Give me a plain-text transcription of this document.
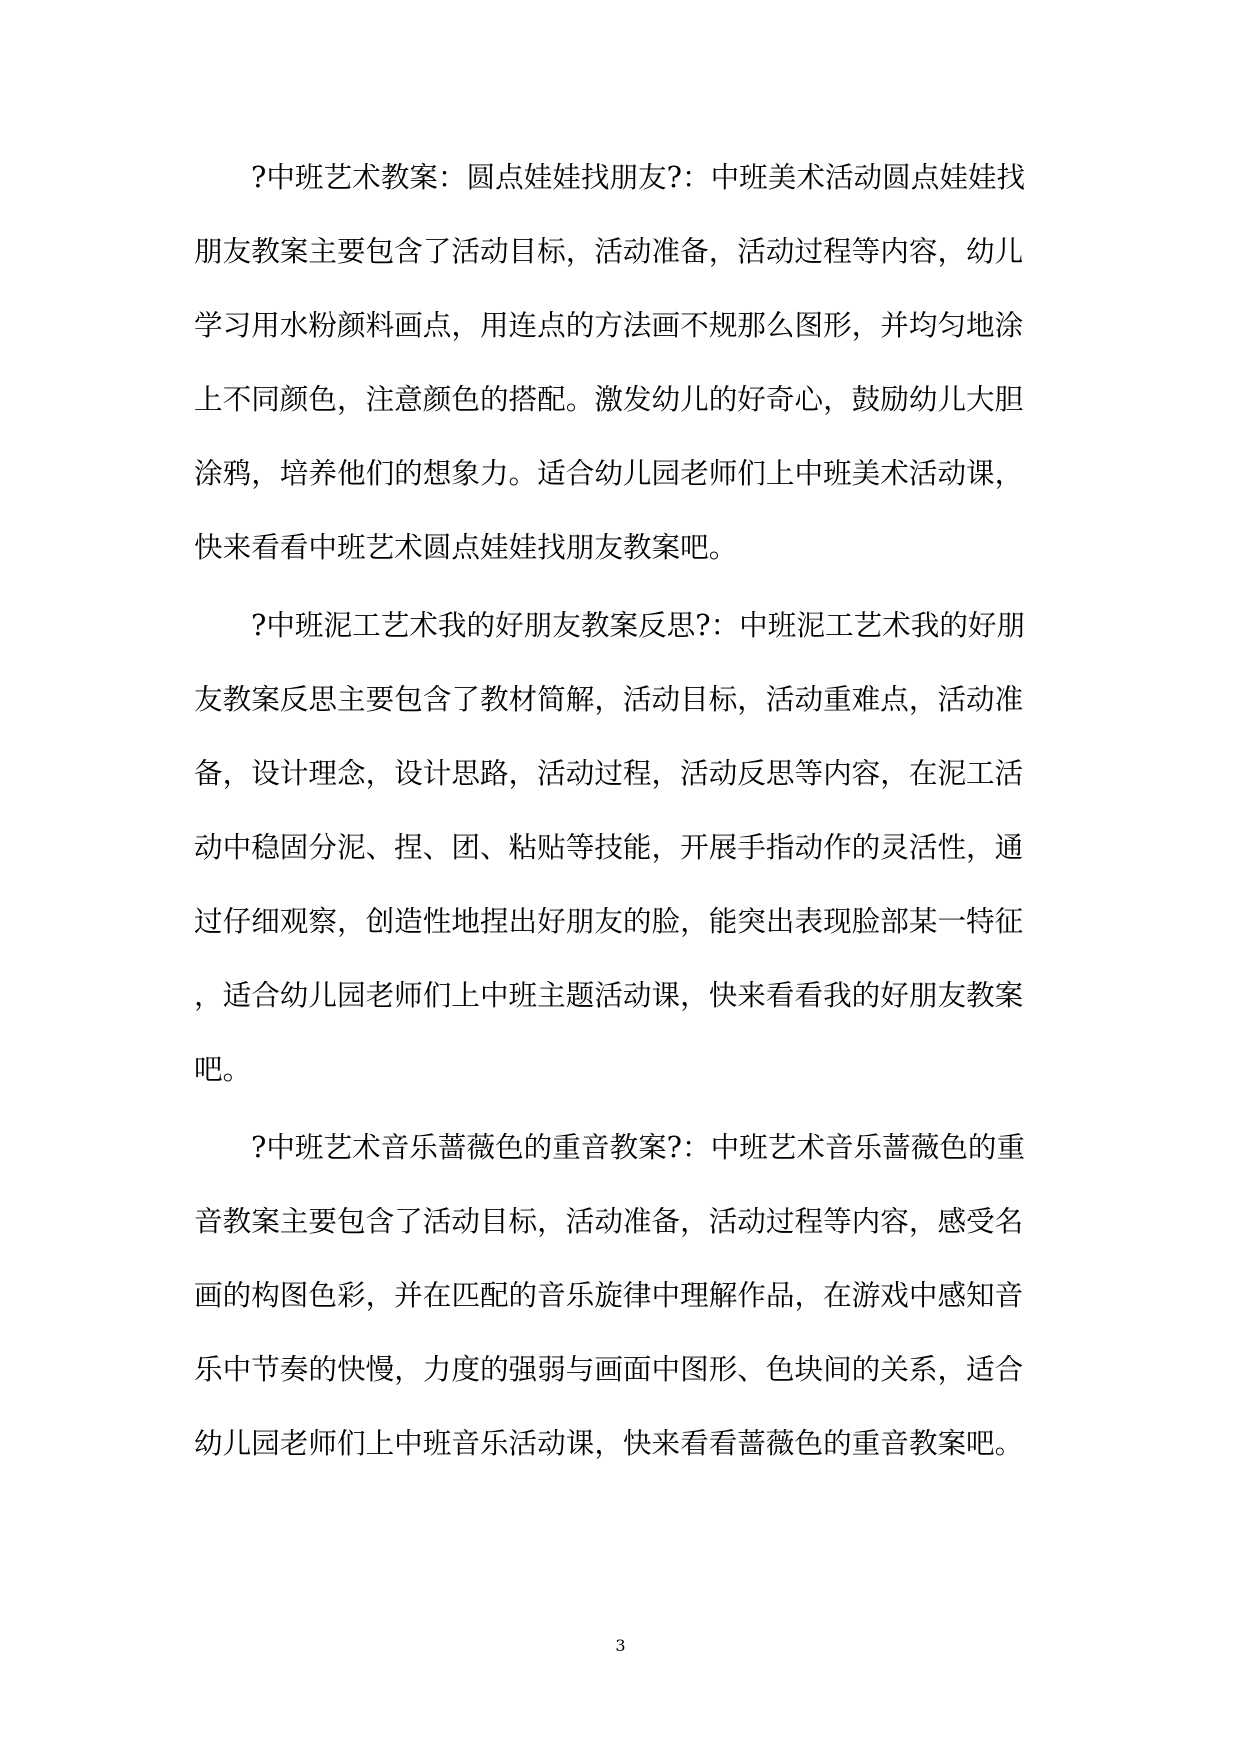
?中班艺术教案：圆点娃娃找朋友?：中班美术活动圆点娃娃找
朋友教案主要包含了活动目标，活动准备，活动过程等内容，幼儿
学习用水粉颜料画点，用连点的方法画不规那么图形，并均匀地涂
上不同颜色，注意颜色的搭配。激发幼儿的好奇心，鼓励幼儿大胆
涂鸦，培养他们的想象力。适合幼儿园老师们上中班美术活动课，
快来看看中班艺术圆点娃娃找朋友教案吧。
?中班泥工艺术我的好朋友教案反思?：中班泥工艺术我的好朋
友教案反思主要包含了教材简解，活动目标，活动重难点，活动准
备，设计理念，设计思路，活动过程，活动反思等内容，在泥工活
动中稳固分泥、捏、团、粘贴等技能，开展手指动作的灵活性，通
过仔细观察，创造性地捏出好朋友的脸，能突出表现脸部某一特征
，适合幼儿园老师们上中班主题活动课，快来看看我的好朋友教案
吧。
?中班艺术音乐蔷薇色的重音教案?：中班艺术音乐蔷薇色的重
音教案主要包含了活动目标，活动准备，活动过程等内容，感受名
画的构图色彩，并在匹配的音乐旋律中理解作品，在游戏中感知音
乐中节奏的快慢，力度的强弱与画面中图形、色块间的关系，适合
幼儿园老师们上中班音乐活动课，快来看看蔷薇色的重音教案吧。
3
